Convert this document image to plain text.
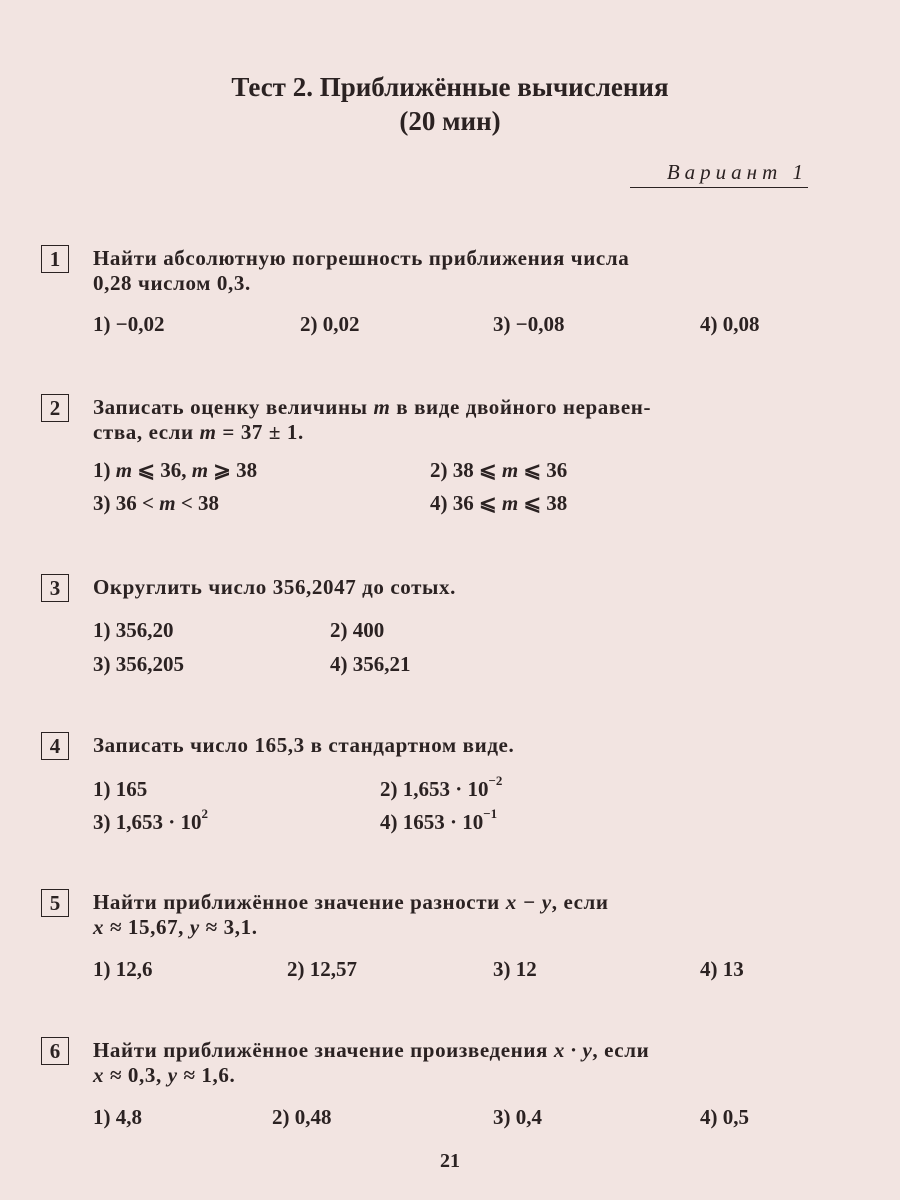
Тест 2. Приближённые вычисления
(20 мин)
Вариант 1
1	Найти абсолютную погрешность приближения числа
0,28 числом 0,3.
1) −0,02	2) 0,02	3) −0,08	4) 0,08
2	Записать оценку величины m в виде двойного неравен-
ства, если m = 37 ± 1.
1) m ⩽ 36, m ⩾ 38	2) 38 ⩽ m ⩽ 36
3) 36 < m < 38	4) 36 ⩽ m ⩽ 38
3	Округлить число 356,2047 до сотых.
1) 356,20	2) 400
3) 356,205	4) 356,21
4	Записать число 165,3 в стандартном виде.
1) 165	2) $1,653 \cdot 10^{-2}$
3) $1,653 \cdot 10^2$	4) $1653 \cdot 10^{-1}$
5	Найти приближённое значение разности x − y, если
x ≈ 15,67, y ≈ 3,1.
1) 12,6	2) 12,57	3) 12	4) 13
6	Найти приближённое значение произведения x · y, если
x ≈ 0,3, y ≈ 1,6.
1) 4,8	2) 0,48	3) 0,4	4) 0,5
21
